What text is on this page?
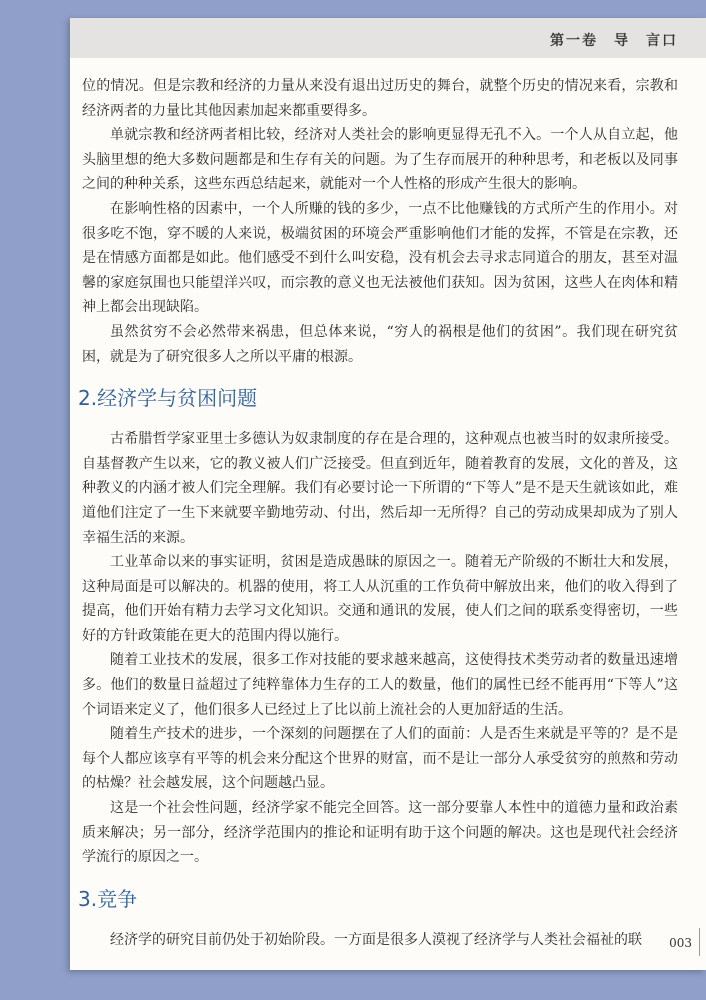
第一卷　导　言口

位的情况。但是宗教和经济的力量从来没有退出过历史的舞台，就整个历史的情况来看，宗教和经济两者的力量比其他因素加起来都重要得多。

单就宗教和经济两者相比较，经济对人类社会的影响更显得无孔不入。一个人从自立起，他头脑里想的绝大多数问题都是和生存有关的问题。为了生存而展开的种种思考，和老板以及同事之间的种种关系，这些东西总结起来，就能对一个人性格的形成产生很大的影响。

在影响性格的因素中，一个人所赚的钱的多少，一点不比他赚钱的方式所产生的作用小。对很多吃不饱，穿不暖的人来说，极端贫困的环境会严重影响他们才能的发挥，不管是在宗教，还是在情感方面都是如此。他们感受不到什么叫安稳，没有机会去寻求志同道合的朋友，甚至对温馨的家庭氛围也只能望洋兴叹，而宗教的意义也无法被他们获知。因为贫困，这些人在肉体和精神上都会出现缺陷。

虽然贫穷不会必然带来祸患，但总体来说，“穷人的祸根是他们的贫困”。我们现在研究贫困，就是为了研究很多人之所以平庸的根源。

2.经济学与贫困问题

古希腊哲学家亚里士多德认为奴隶制度的存在是合理的，这种观点也被当时的奴隶所接受。自基督教产生以来，它的教义被人们广泛接受。但直到近年，随着教育的发展，文化的普及，这种教义的内涵才被人们完全理解。我们有必要讨论一下所谓的“下等人”是不是天生就该如此，难道他们注定了一生下来就要辛勤地劳动、付出，然后却一无所得？自己的劳动成果却成为了别人幸福生活的来源。

工业革命以来的事实证明，贫困是造成愚昧的原因之一。随着无产阶级的不断壮大和发展，这种局面是可以解决的。机器的使用，将工人从沉重的工作负荷中解放出来，他们的收入得到了提高，他们开始有精力去学习文化知识。交通和通讯的发展，使人们之间的联系变得密切，一些好的方针政策能在更大的范围内得以施行。

随着工业技术的发展，很多工作对技能的要求越来越高，这使得技术类劳动者的数量迅速增多。他们的数量日益超过了纯粹靠体力生存的工人的数量，他们的属性已经不能再用“下等人”这个词语来定义了，他们很多人已经过上了比以前上流社会的人更加舒适的生活。

随着生产技术的进步，一个深刻的问题摆在了人们的面前：人是否生来就是平等的？是不是每个人都应该享有平等的机会来分配这个世界的财富，而不是让一部分人承受贫穷的煎熬和劳动的枯燥？社会越发展，这个问题越凸显。

这是一个社会性问题，经济学家不能完全回答。这一部分要靠人本性中的道德力量和政治素质来解决；另一部分，经济学范围内的推论和证明有助于这个问题的解决。这也是现代社会经济学流行的原因之一。

3.竞争

经济学的研究目前仍处于初始阶段。一方面是很多人漠视了经济学与人类社会福祉的联	003
